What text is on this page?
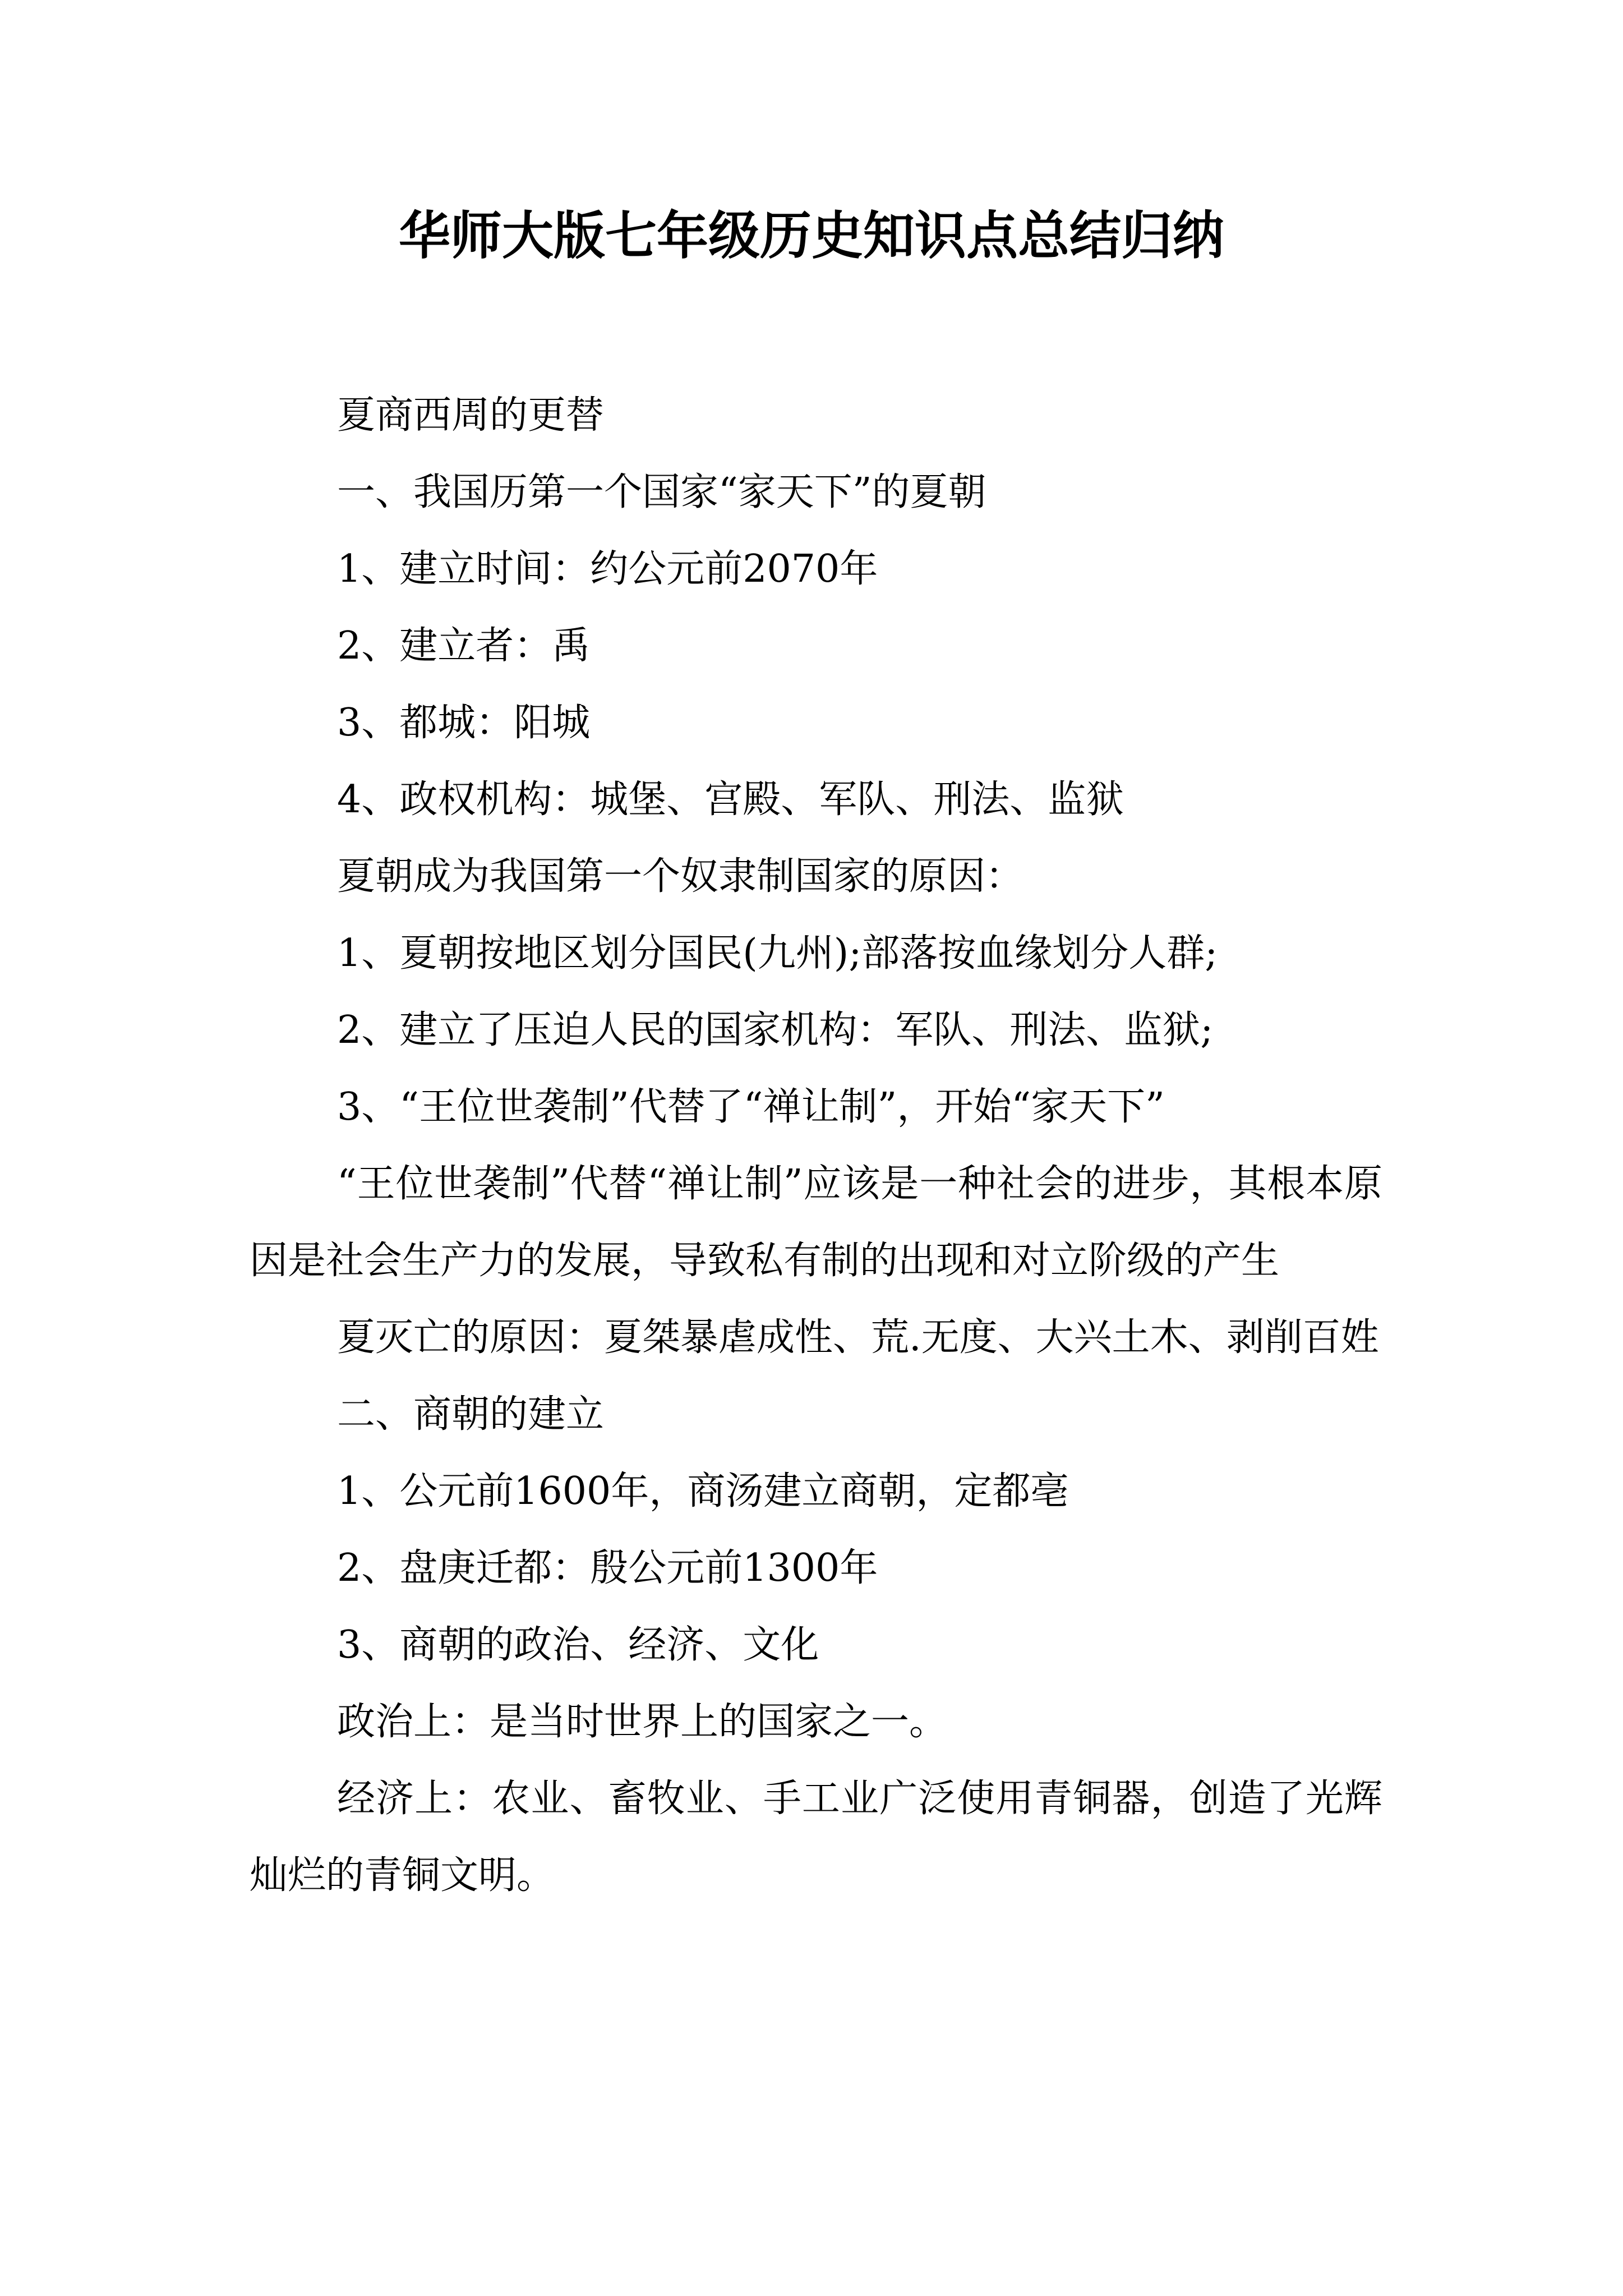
华师大版七年级历史知识点总结归纳

夏商西周的更替

一、我国历第一个国家“家天下”的夏朝

1、建立时间：约公元前2070年

2、建立者：禹

3、都城：阳城

4、政权机构：城堡、宫殿、军队、刑法、监狱

夏朝成为我国第一个奴隶制国家的原因：

1、夏朝按地区划分国民(九州);部落按血缘划分人群;

2、建立了压迫人民的国家机构：军队、刑法、监狱;

3、“王位世袭制”代替了“禅让制”，开始“家天下”

“王位世袭制”代替“禅让制”应该是一种社会的进步，其根本原因是社会生产力的发展，导致私有制的出现和对立阶级的产生

夏灭亡的原因：夏桀暴虐成性、荒.无度、大兴土木、剥削百姓

二、商朝的建立

1、公元前1600年，商汤建立商朝，定都亳

2、盘庚迁都：殷公元前1300年

3、商朝的政治、经济、文化

政治上：是当时世界上的国家之一。

经济上：农业、畜牧业、手工业广泛使用青铜器，创造了光辉灿烂的青铜文明。
